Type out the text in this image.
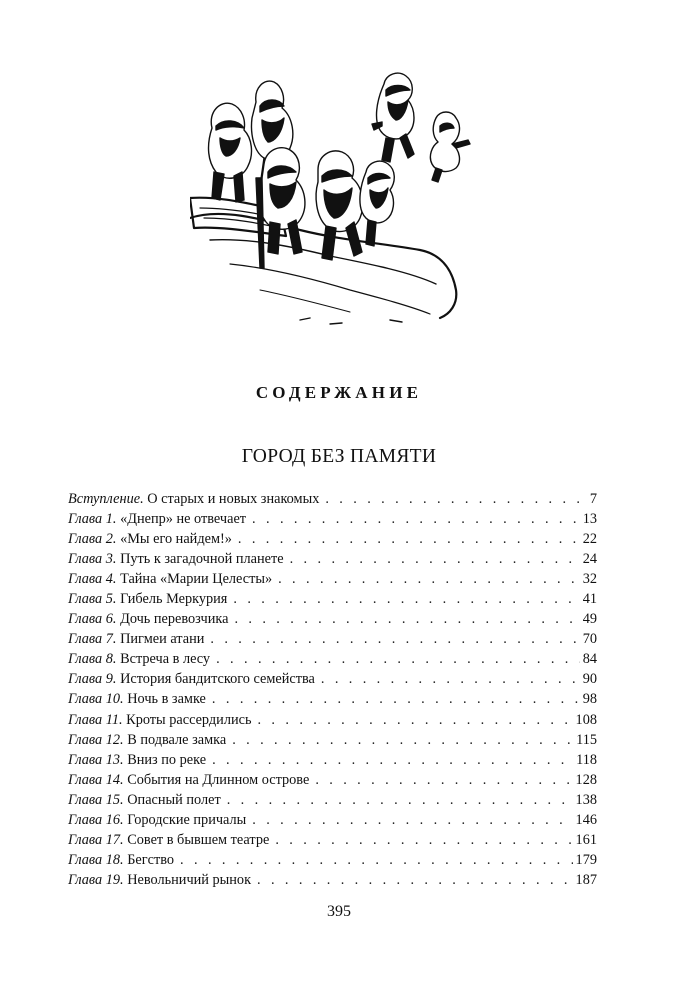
СОДЕРЖАНИЕ
ГОРОД БЕЗ ПАМЯТИ
Вступление. О старых и новых знакомых . . .	7
Глава 1. «Днепр» не отвечает . . .	13
Глава 2. «Мы его найдем!» . . .	22
Глава 3. Путь к загадочной планете . . .	24
Глава 4. Тайна «Марии Целесты» . . .	32
Глава 5. Гибель Меркурия . . .	41
Глава 6. Дочь перевозчика . . .	49
Глава 7. Пигмеи атани . . .	70
Глава 8. Встреча в лесу . . .	84
Глава 9. История бандитского семейства . . .	90
Глава 10. Ночь в замке . . .	98
Глава 11. Кроты рассердились . . .	108
Глава 12. В подвале замка . . .	115
Глава 13. Вниз по реке . . .	118
Глава 14. События на Длинном острове . . .	128
Глава 15. Опасный полет . . .	138
Глава 16. Городские причалы . . .	146
Глава 17. Совет в бывшем театре . . .	161
Глава 18. Бегство . . .	179
Глава 19. Невольничий рынок . . .	187
395
